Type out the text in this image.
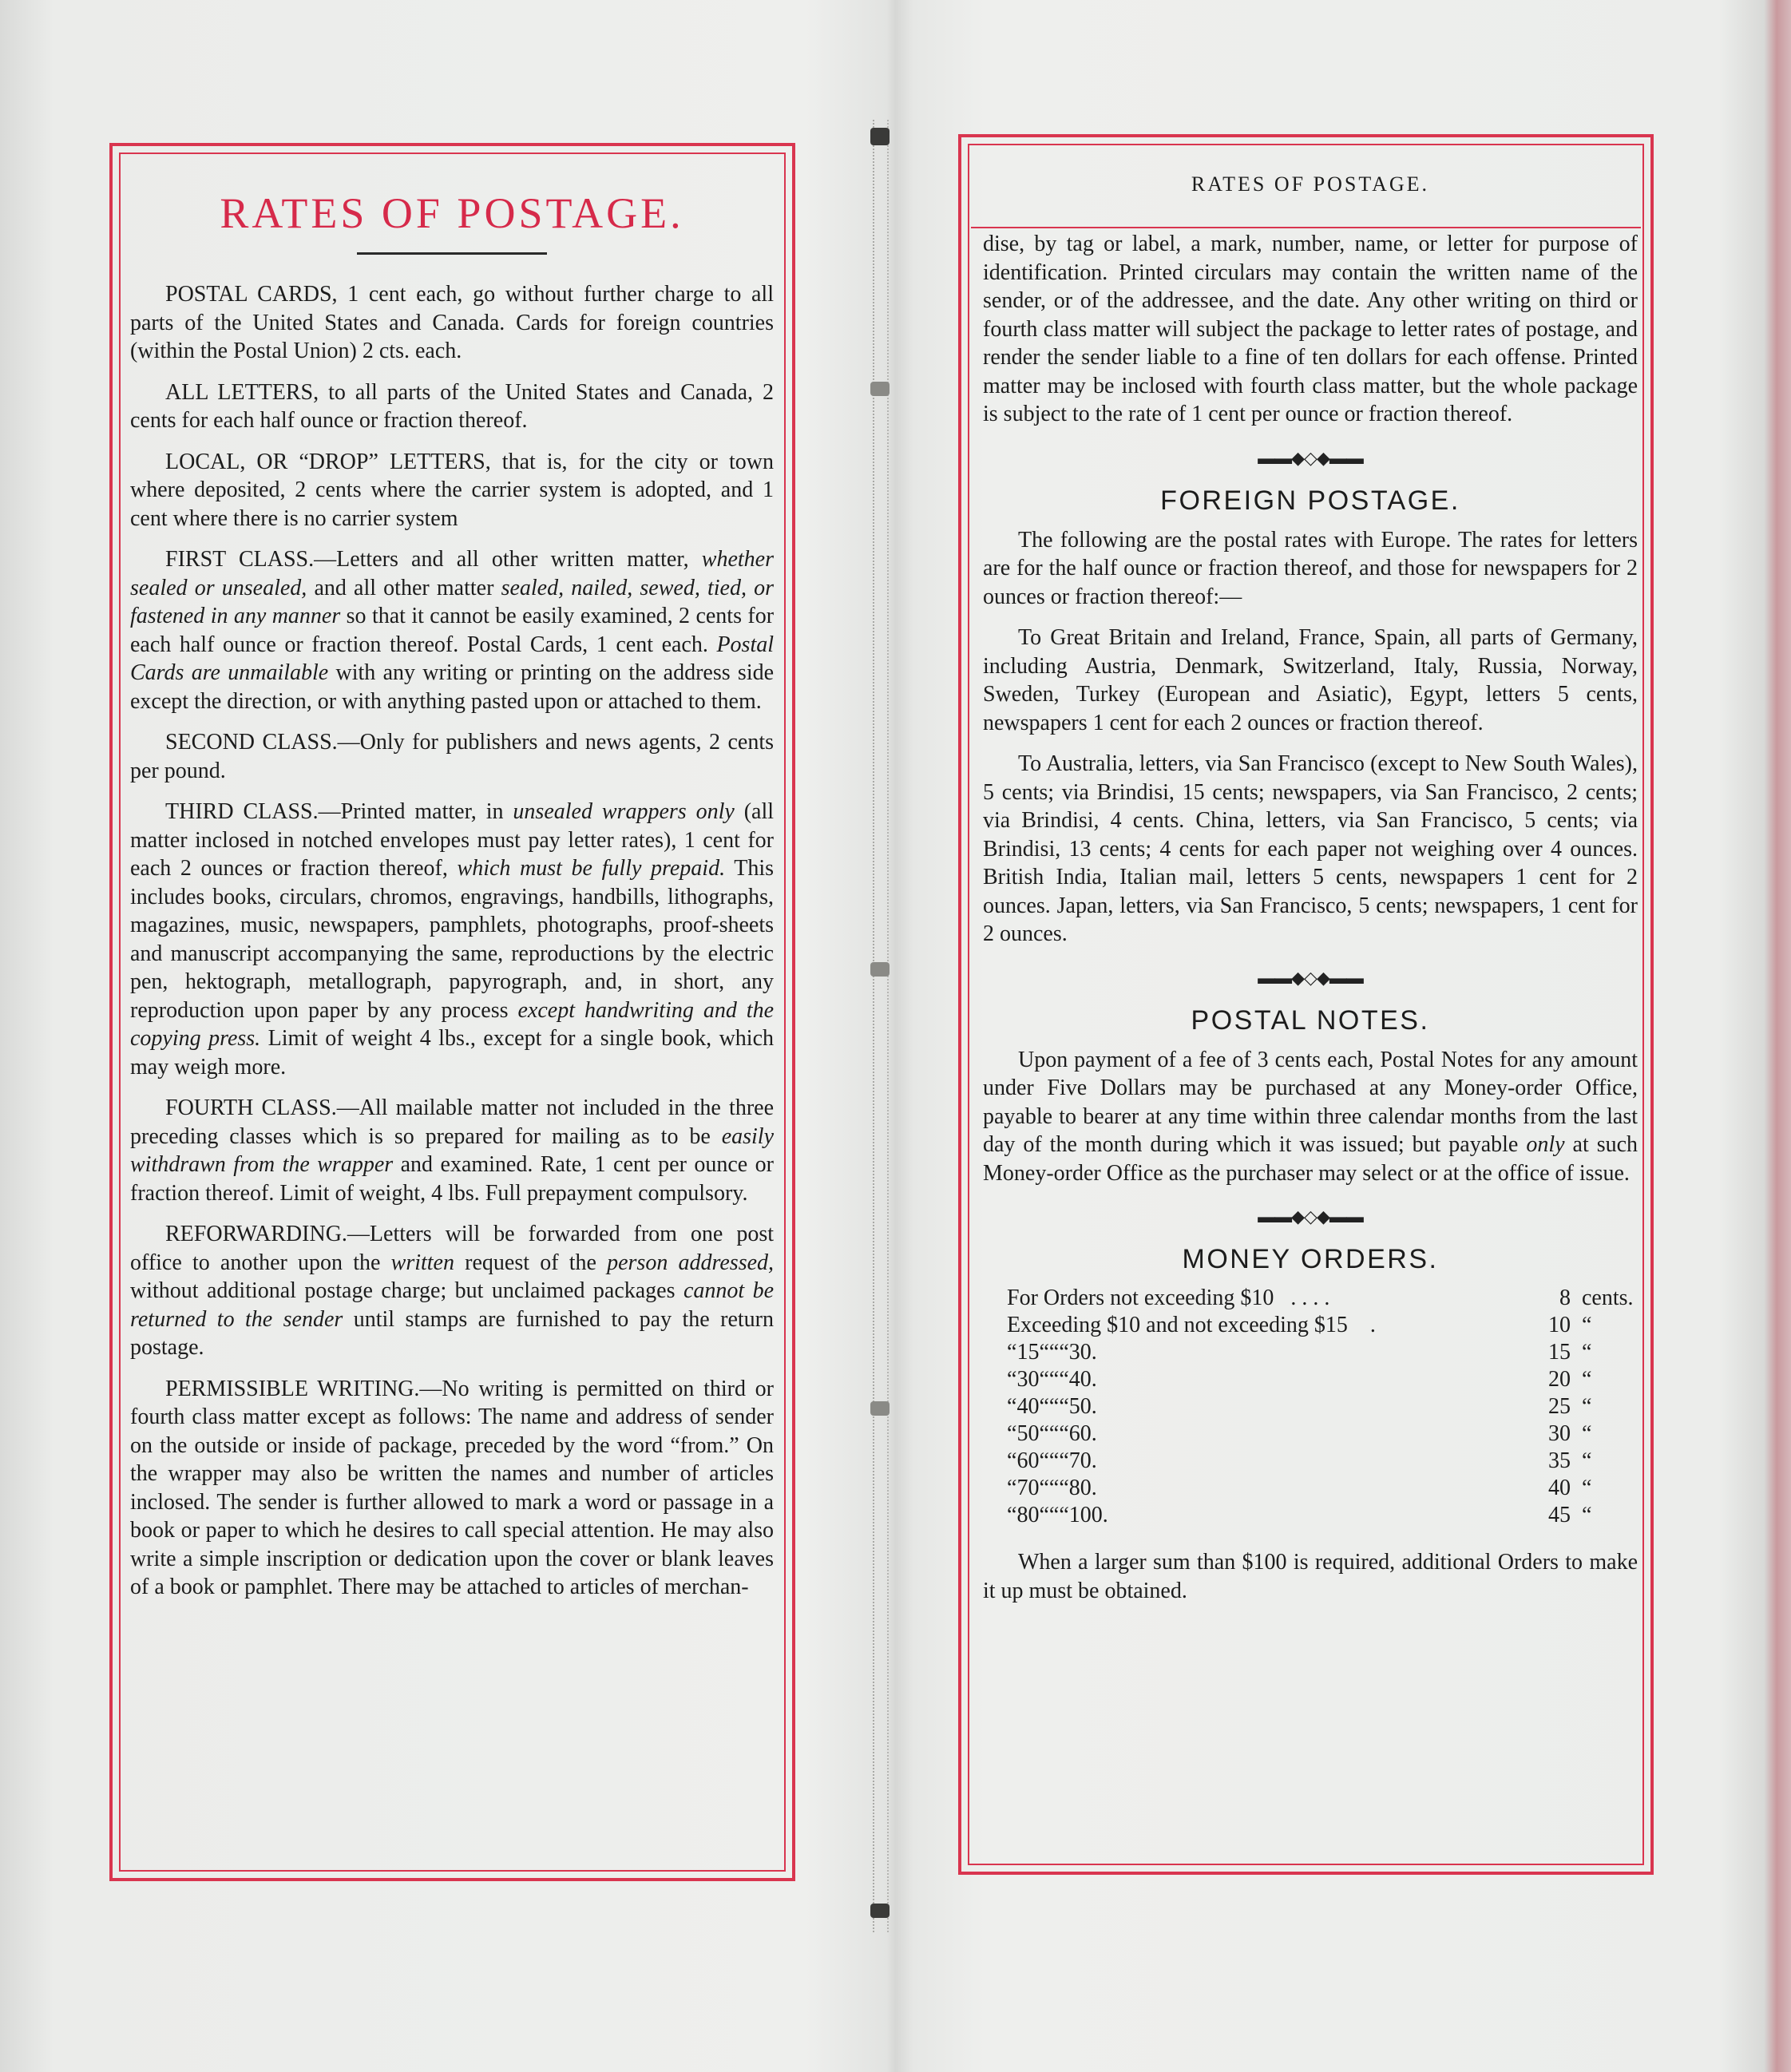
RATES OF POSTAGE.

POSTAL CARDS, 1 cent each, go without further charge to all parts of the United States and Canada. Cards for foreign countries (within the Postal Union) 2 cts. each.

ALL LETTERS, to all parts of the United States and Canada, 2 cents for each half ounce or fraction thereof.

LOCAL, OR “DROP” LETTERS, that is, for the city or town where deposited, 2 cents where the carrier system is adopted, and 1 cent where there is no carrier system

FIRST CLASS.—Letters and all other written matter, whether sealed or unsealed, and all other matter sealed, nailed, sewed, tied, or fastened in any manner so that it cannot be easily examined, 2 cents for each half ounce or fraction thereof. Postal Cards, 1 cent each. Postal Cards are unmailable with any writing or printing on the address side except the direction, or with anything pasted upon or attached to them.

SECOND CLASS.—Only for publishers and news agents, 2 cents per pound.

THIRD CLASS.—Printed matter, in unsealed wrappers only (all matter inclosed in notched envelopes must pay letter rates), 1 cent for each 2 ounces or fraction thereof, which must be fully prepaid. This includes books, circulars, chromos, engravings, handbills, lithographs, magazines, music, newspapers, pamphlets, photographs, proof-sheets and manuscript accompanying the same, reproductions by the electric pen, hektograph, metallograph, papyrograph, and, in short, any reproduction upon paper by any process except handwriting and the copying press. Limit of weight 4 lbs., except for a single book, which may weigh more.

FOURTH CLASS.—All mailable matter not included in the three preceding classes which is so prepared for mailing as to be easily withdrawn from the wrapper and examined. Rate, 1 cent per ounce or fraction thereof. Limit of weight, 4 lbs. Full prepayment compulsory.

REFORWARDING.—Letters will be forwarded from one post office to another upon the written request of the person addressed, without additional postage charge; but unclaimed packages cannot be returned to the sender until stamps are furnished to pay the return postage.

PERMISSIBLE WRITING.—No writing is permitted on third or fourth class matter except as follows: The name and address of sender on the outside or inside of package, preceded by the word “from.” On the wrapper may also be written the names and number of articles inclosed. The sender is further allowed to mark a word or passage in a book or paper to which he desires to call special attention. He may also write a simple inscription or dedication upon the cover or blank leaves of a book or pamphlet. There may be attached to articles of merchan-

RATES OF POSTAGE.

dise, by tag or label, a mark, number, name, or letter for purpose of identification. Printed circulars may contain the written name of the sender, or of the addressee, and the date. Any other writing on third or fourth class matter will subject the package to letter rates of postage, and render the sender liable to a fine of ten dollars for each offense. Printed matter may be inclosed with fourth class matter, but the whole package is subject to the rate of 1 cent per ounce or fraction thereof.

▬▬◆◇◆▬▬
FOREIGN POSTAGE.

The following are the postal rates with Europe. The rates for letters are for the half ounce or fraction thereof, and those for newspapers for 2 ounces or fraction thereof:—

To Great Britain and Ireland, France, Spain, all parts of Germany, including Austria, Denmark, Switzerland, Italy, Russia, Norway, Sweden, Turkey (European and Asiatic), Egypt, letters 5 cents, newspapers 1 cent for each 2 ounces or fraction thereof.

To Australia, letters, via San Francisco (except to New South Wales), 5 cents; via Brindisi, 15 cents; newspapers, via San Francisco, 2 cents; via Brindisi, 4 cents. China, letters, via San Francisco, 5 cents; via Brindisi, 13 cents; 4 cents for each paper not weighing over 4 ounces. British India, Italian mail, letters 5 cents, newspapers 1 cent for 2 ounces. Japan, letters, via San Francisco, 5 cents; newspapers, 1 cent for 2 ounces.

▬▬◆◇◆▬▬
POSTAL NOTES.

Upon payment of a fee of 3 cents each, Postal Notes for any amount under Five Dollars may be purchased at any Money-order Office, payable to bearer at any time within three calendar months from the last day of the month during which it was issued; but payable only at such Money-order Office as the purchaser may select or at the office of issue.

▬▬◆◇◆▬▬
MONEY ORDERS.
For Orders not exceeding $10 . . . .	8	cents.
Exceeding $10 and not exceeding $15 .	10	“
“15“““30.	15	“
“30“““40.	20	“
“40“““50.	25	“
“50“““60.	30	“
“60“““70.	35	“
“70“““80.	40	“
“80“““100.	45	“

When a larger sum than $100 is required, additional Orders to make it up must be obtained.
